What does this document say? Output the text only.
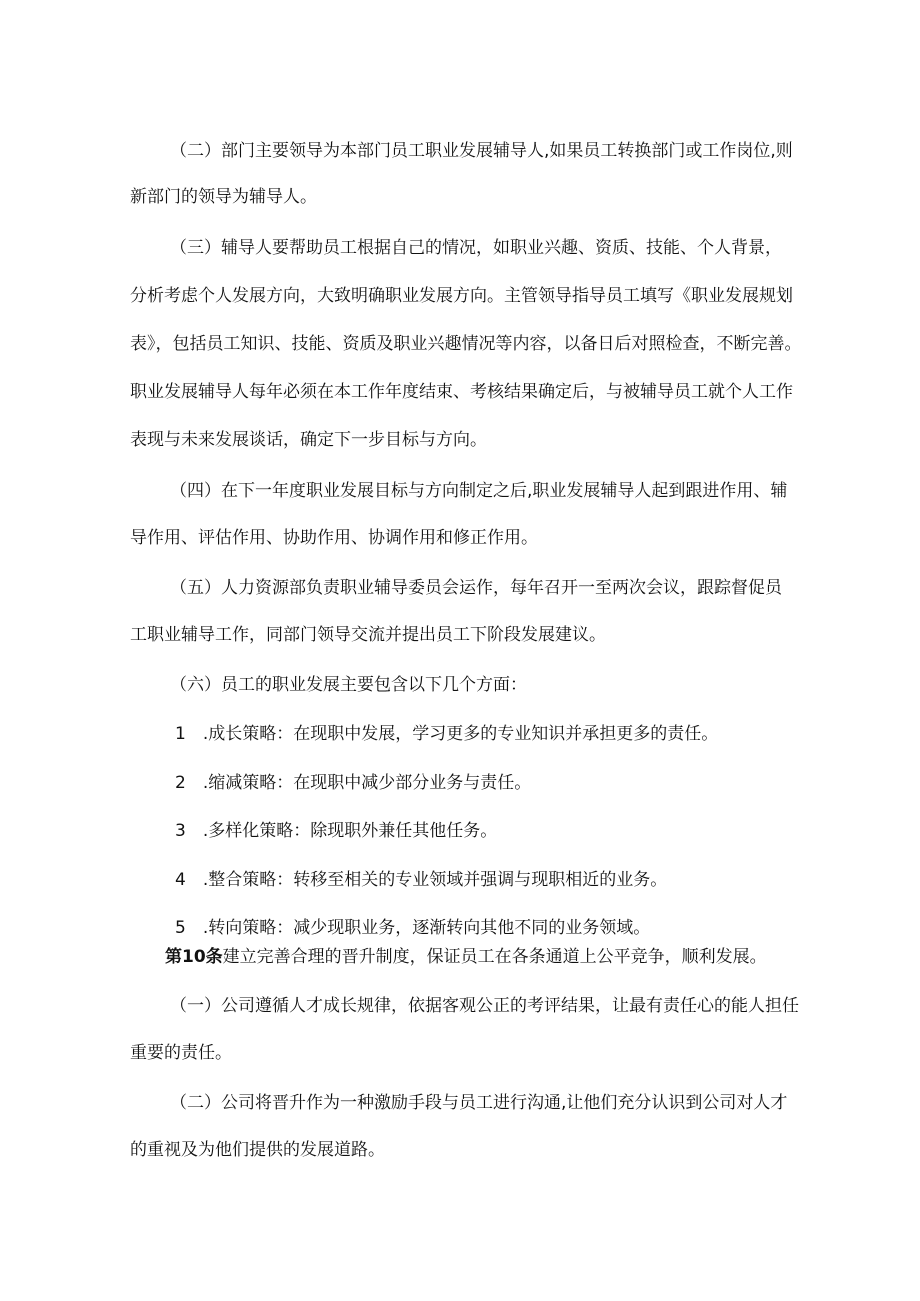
（二）部门主要领导为本部门员工职业发展辅导人,如果员工转换部门或工作岗位,则

新部门的领导为辅导人。

（三）辅导人要帮助员工根据自己的情况，如职业兴趣、资质、技能、个人背景，

分析考虑个人发展方向，大致明确职业发展方向。主管领导指导员工填写《职业发展规划

表》，包括员工知识、技能、资质及职业兴趣情况等内容，以备日后对照检查，不断完善。

职业发展辅导人每年必须在本工作年度结束、考核结果确定后，与被辅导员工就个人工作

表现与未来发展谈话，确定下一步目标与方向。

（四）在下一年度职业发展目标与方向制定之后,职业发展辅导人起到跟进作用、辅

导作用、评估作用、协助作用、协调作用和修正作用。

（五）人力资源部负责职业辅导委员会运作，每年召开一至两次会议，跟踪督促员

工职业辅导工作，同部门领导交流并提出员工下阶段发展建议。

（六）员工的职业发展主要包含以下几个方面：

1　.成长策略：在现职中发展，学习更多的专业知识并承担更多的责任。

2　.缩减策略：在现职中减少部分业务与责任。

3　.多样化策略：除现职外兼任其他任务。

4　.整合策略：转移至相关的专业领域并强调与现职相近的业务。

5　.转向策略：减少现职业务，逐渐转向其他不同的业务领域。

第10条建立完善合理的晋升制度，保证员工在各条通道上公平竞争，顺利发展。

（一）公司遵循人才成长规律，依据客观公正的考评结果，让最有责任心的能人担任

重要的责任。

（二）公司将晋升作为一种激励手段与员工进行沟通,让他们充分认识到公司对人才

的重视及为他们提供的发展道路。
